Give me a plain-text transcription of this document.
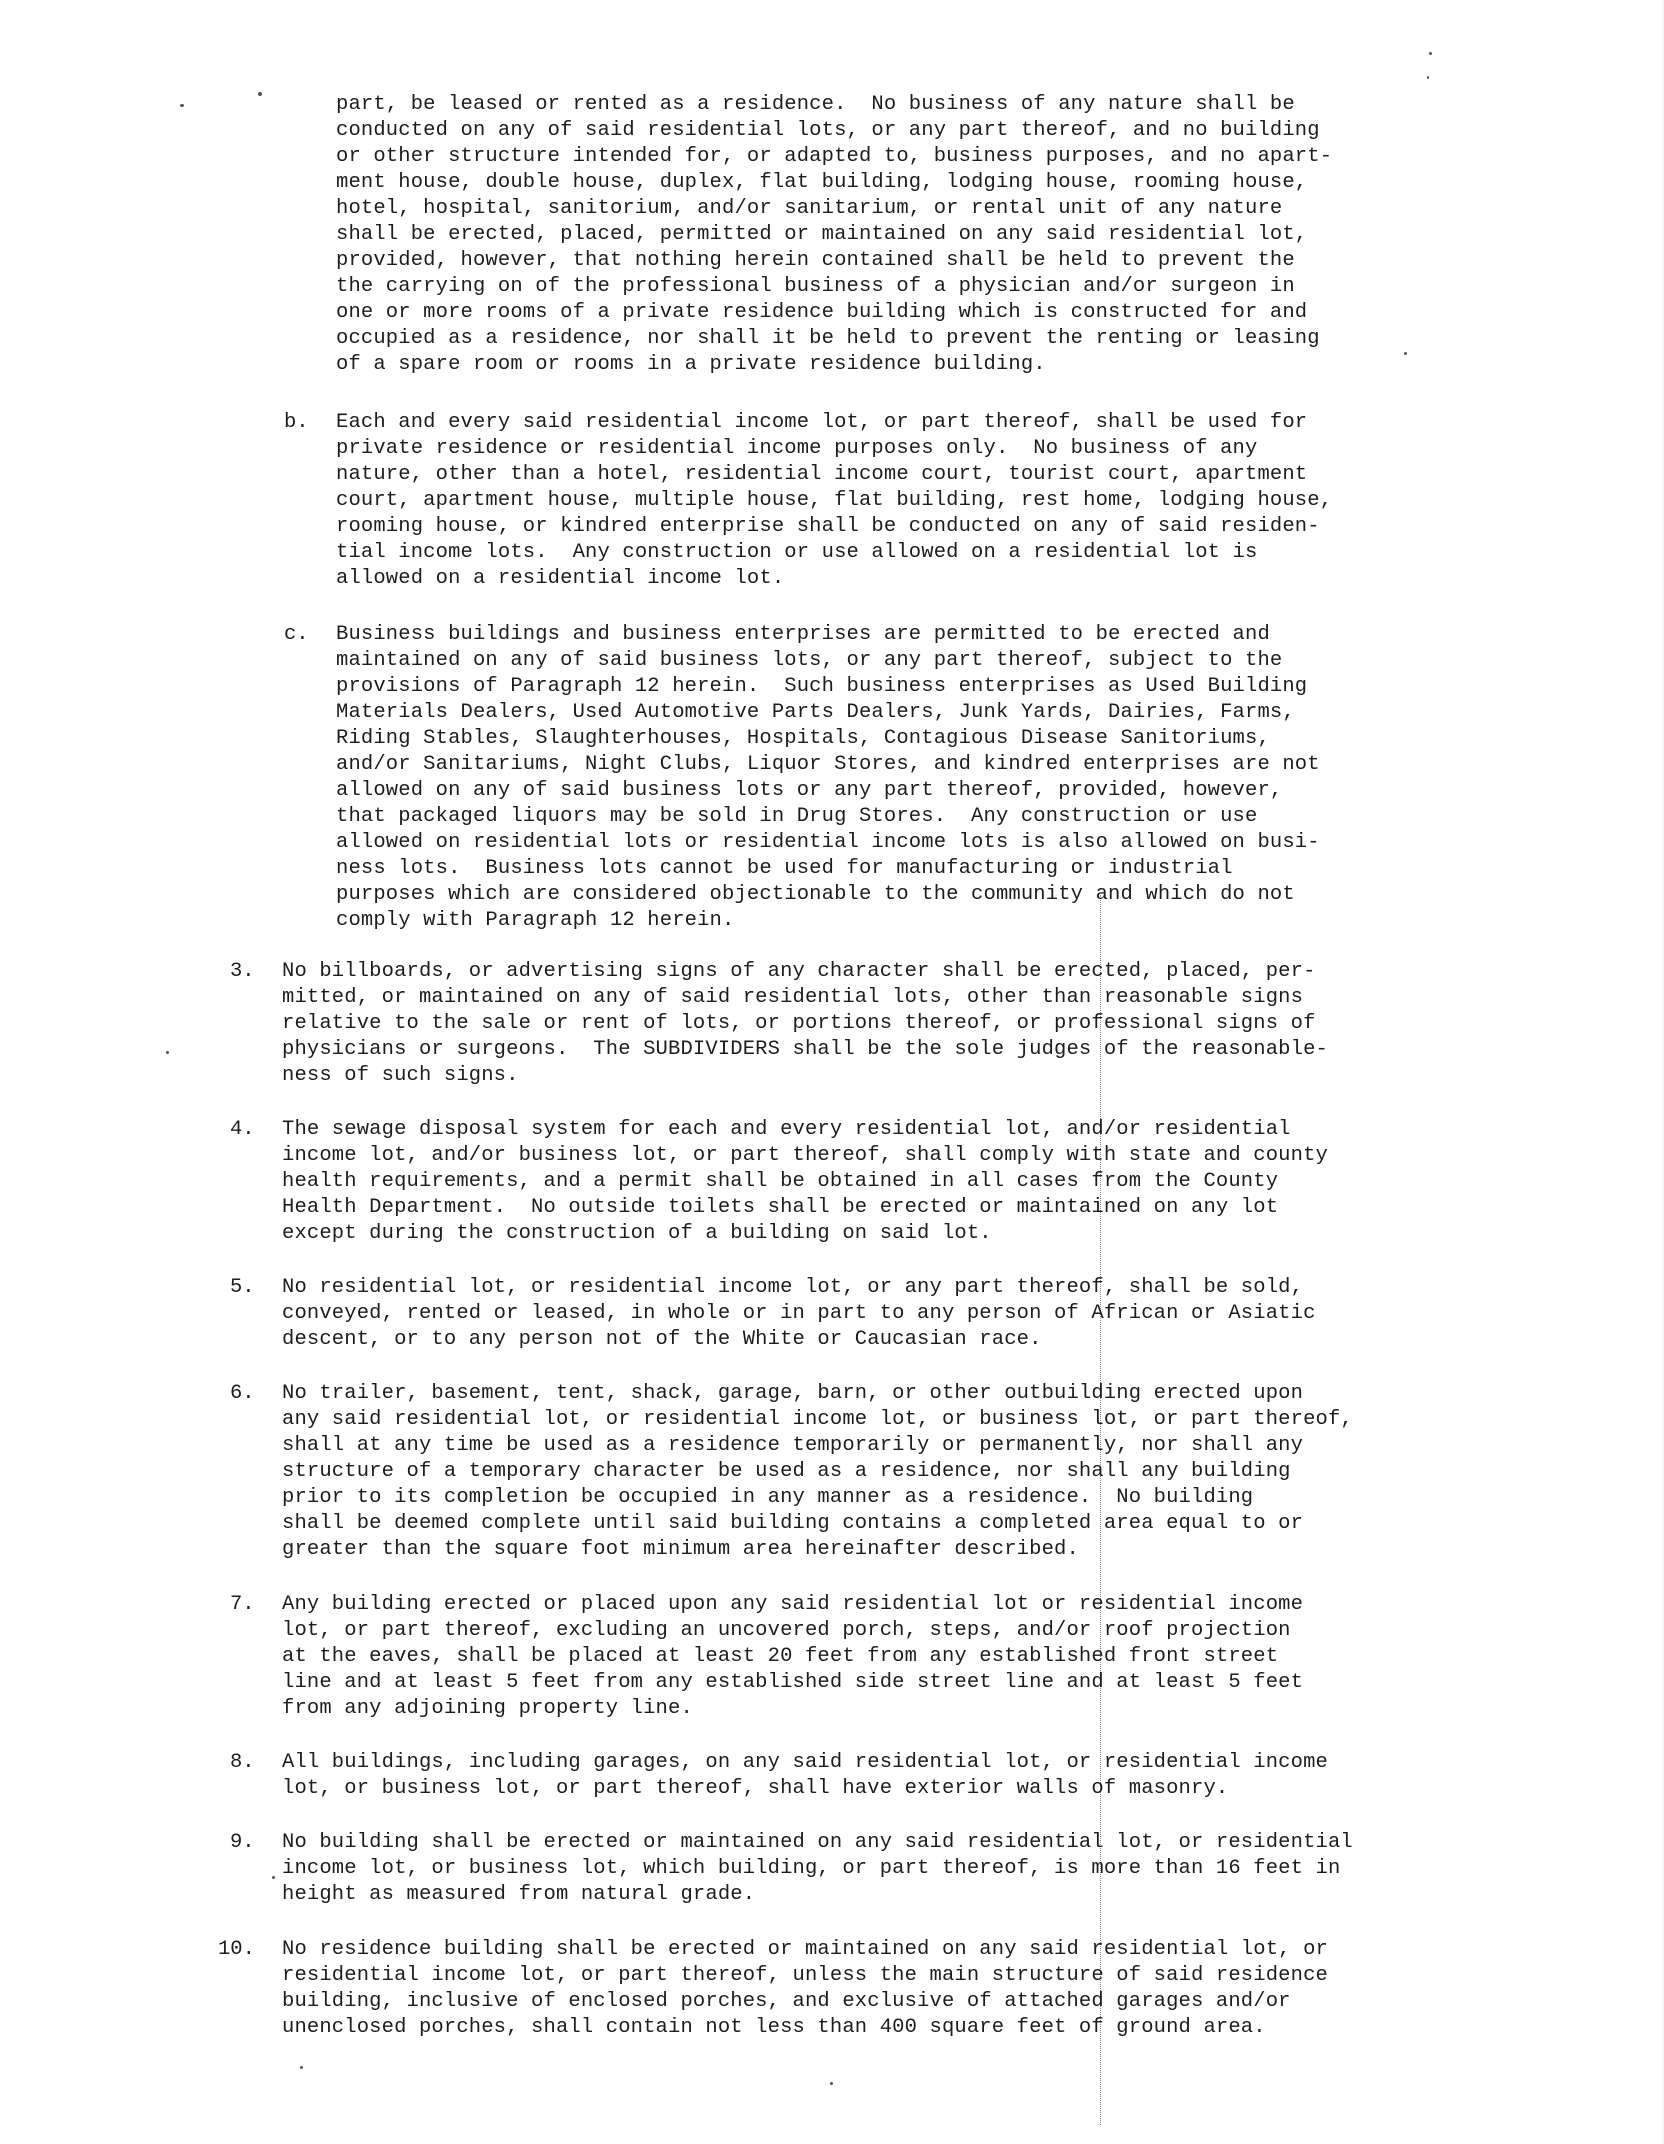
part, be leased or rented as a residence.  No business of any nature shall be
conducted on any of said residential lots, or any part thereof, and no building
or other structure intended for, or adapted to, business purposes, and no apart-
ment house, double house, duplex, flat building, lodging house, rooming house,
hotel, hospital, sanitorium, and/or sanitarium, or rental unit of any nature
shall be erected, placed, permitted or maintained on any said residential lot,
provided, however, that nothing herein contained shall be held to prevent the
the carrying on of the professional business of a physician and/or surgeon in
one or more rooms of a private residence building which is constructed for and
occupied as a residence, nor shall it be held to prevent the renting or leasing
of a spare room or rooms in a private residence building.
b. Each and every said residential income lot, or part thereof, shall be used for
private residence or residential income purposes only.  No business of any
nature, other than a hotel, residential income court, tourist court, apartment
court, apartment house, multiple house, flat building, rest home, lodging house,
rooming house, or kindred enterprise shall be conducted on any of said residen-
tial income lots.  Any construction or use allowed on a residential lot is
allowed on a residential income lot.
c. Business buildings and business enterprises are permitted to be erected and
maintained on any of said business lots, or any part thereof, subject to the
provisions of Paragraph 12 herein.  Such business enterprises as Used Building
Materials Dealers, Used Automotive Parts Dealers, Junk Yards, Dairies, Farms,
Riding Stables, Slaughterhouses, Hospitals, Contagious Disease Sanitoriums,
and/or Sanitariums, Night Clubs, Liquor Stores, and kindred enterprises are not
allowed on any of said business lots or any part thereof, provided, however,
that packaged liquors may be sold in Drug Stores.  Any construction or use
allowed on residential lots or residential income lots is also allowed on busi-
ness lots.  Business lots cannot be used for manufacturing or industrial
purposes which are considered objectionable to the community and which do not
comply with Paragraph 12 herein.
3. No billboards, or advertising signs of any character shall be erected, placed, per-
mitted, or maintained on any of said residential lots, other than reasonable signs
relative to the sale or rent of lots, or portions thereof, or professional signs of
physicians or surgeons.  The SUBDIVIDERS shall be the sole judges of the reasonable-
ness of such signs.
4. The sewage disposal system for each and every residential lot, and/or residential
income lot, and/or business lot, or part thereof, shall comply with state and county
health requirements, and a permit shall be obtained in all cases from the County
Health Department.  No outside toilets shall be erected or maintained on any lot
except during the construction of a building on said lot.
5. No residential lot, or residential income lot, or any part thereof, shall be sold,
conveyed, rented or leased, in whole or in part to any person of African or Asiatic
descent, or to any person not of the White or Caucasian race.
6. No trailer, basement, tent, shack, garage, barn, or other outbuilding erected upon
any said residential lot, or residential income lot, or business lot, or part thereof,
shall at any time be used as a residence temporarily or permanently, nor shall any
structure of a temporary character be used as a residence, nor shall any building
prior to its completion be occupied in any manner as a residence.  No building
shall be deemed complete until said building contains a completed area equal to or
greater than the square foot minimum area hereinafter described.
7. Any building erected or placed upon any said residential lot or residential income
lot, or part thereof, excluding an uncovered porch, steps, and/or roof projection
at the eaves, shall be placed at least 20 feet from any established front street
line and at least 5 feet from any established side street line and at least 5 feet
from any adjoining property line.
8. All buildings, including garages, on any said residential lot, or residential income
lot, or business lot, or part thereof, shall have exterior walls of masonry.
9. No building shall be erected or maintained on any said residential lot, or residential
income lot, or business lot, which building, or part thereof, is more than 16 feet in
height as measured from natural grade.
10. No residence building shall be erected or maintained on any said residential lot, or
residential income lot, or part thereof, unless the main structure of said residence
building, inclusive of enclosed porches, and exclusive of attached garages and/or
unenclosed porches, shall contain not less than 400 square feet of ground area.
